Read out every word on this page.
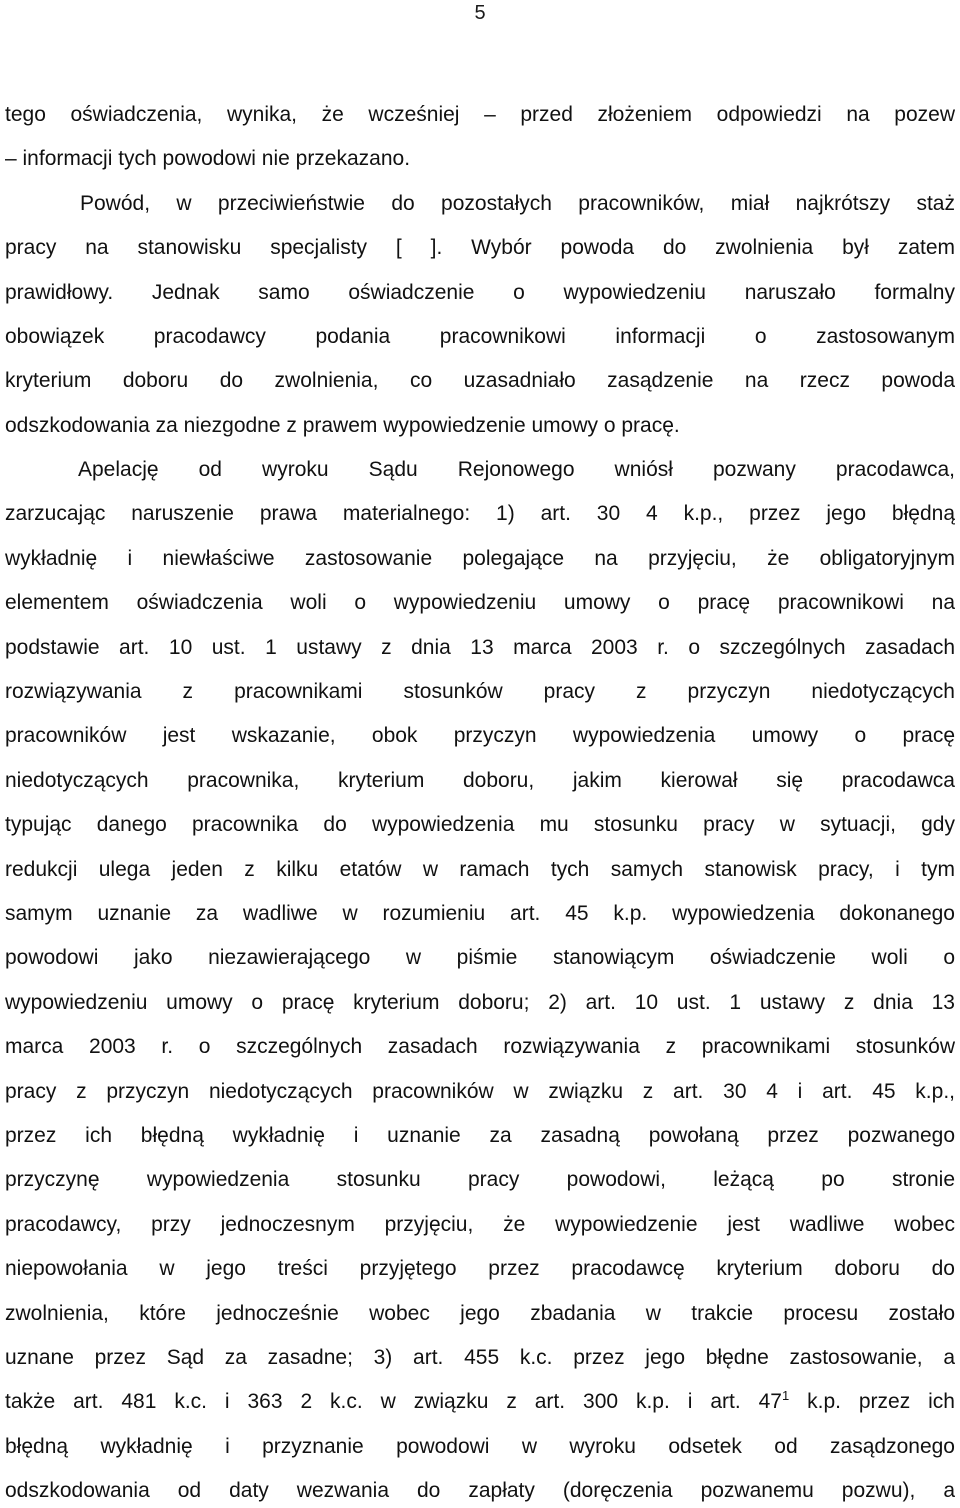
5
tego oświadczenia, wynika, że wcześniej – przed złożeniem odpowiedzi na pozew
– informacji tych powodowi nie przekazano.
Powód, w przeciwieństwie do pozostałych pracowników, miał najkrótszy staż
pracy na stanowisku specjalisty [ ]. Wybór powoda do zwolnienia był zatem
prawidłowy. Jednak samo oświadczenie o wypowiedzeniu naruszało formalny
obowiązek pracodawcy podania pracownikowi informacji o zastosowanym
kryterium doboru do zwolnienia, co uzasadniało zasądzenie na rzecz powoda
odszkodowania za niezgodne z prawem wypowiedzenie umowy o pracę.
Apelację od wyroku Sądu Rejonowego wniósł pozwany pracodawca,
zarzucając naruszenie prawa materialnego: 1) art. 30 4 k.p., przez jego błędną
wykładnię i niewłaściwe zastosowanie polegające na przyjęciu, że obligatoryjnym
elementem oświadczenia woli o wypowiedzeniu umowy o pracę pracownikowi na
podstawie art. 10 ust. 1 ustawy z dnia 13 marca 2003 r. o szczególnych zasadach
rozwiązywania z pracownikami stosunków pracy z przyczyn niedotyczących
pracowników jest wskazanie, obok przyczyn wypowiedzenia umowy o pracę
niedotyczących pracownika, kryterium doboru, jakim kierował się pracodawca
typując danego pracownika do wypowiedzenia mu stosunku pracy w sytuacji, gdy
redukcji ulega jeden z kilku etatów w ramach tych samych stanowisk pracy, i tym
samym uznanie za wadliwe w rozumieniu art. 45 k.p. wypowiedzenia dokonanego
powodowi jako niezawierającego w piśmie stanowiącym oświadczenie woli o
wypowiedzeniu umowy o pracę kryterium doboru; 2) art. 10 ust. 1 ustawy z dnia 13
marca 2003 r. o szczególnych zasadach rozwiązywania z pracownikami stosunków
pracy z przyczyn niedotyczących pracowników w związku z art. 30 4 i art. 45 k.p.,
przez ich błędną wykładnię i uznanie za zasadną powołaną przez pozwanego
przyczynę wypowiedzenia stosunku pracy powodowi, leżącą po stronie
pracodawcy, przy jednoczesnym przyjęciu, że wypowiedzenie jest wadliwe wobec
niepowołania w jego treści przyjętego przez pracodawcę kryterium doboru do
zwolnienia, które jednocześnie wobec jego zbadania w trakcie procesu zostało
uznane przez Sąd za zasadne; 3) art. 455 k.c. przez jego błędne zastosowanie, a
także art. 481 k.c. i 363 2 k.c. w związku z art. 300 k.p. i art. $47^1$ k.p. przez ich
błędną wykładnię i przyznanie powodowi w wyroku odsetek od zasądzonego
odszkodowania od daty wezwania do zapłaty (doręczenia pozwanemu pozwu), a
